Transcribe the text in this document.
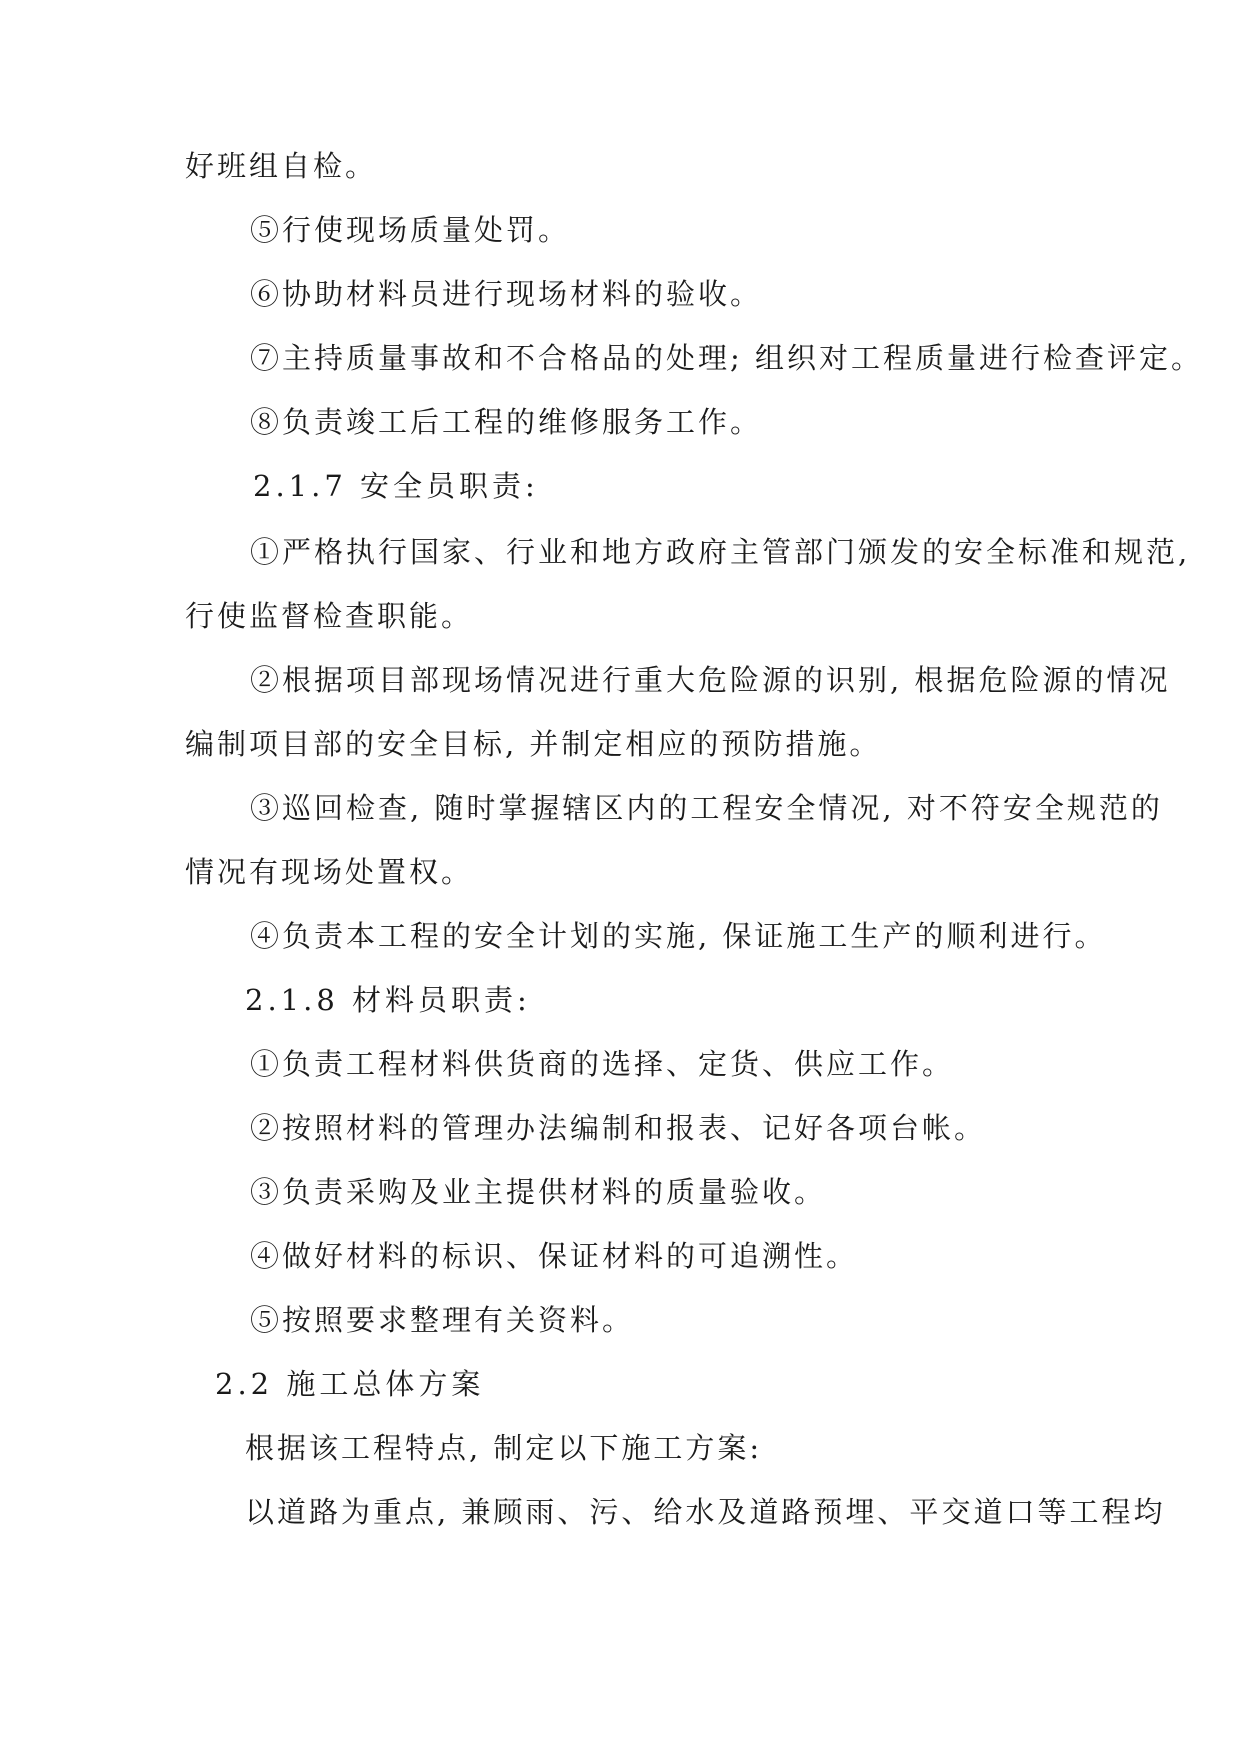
好班组自检。

⑤行使现场质量处罚。

⑥协助材料员进行现场材料的验收。

⑦主持质量事故和不合格品的处理; 组织对工程质量进行检查评定。

⑧负责竣工后工程的维修服务工作。

2.1.7 安全员职责:

①严格执行国家、行业和地方政府主管部门颁发的安全标准和规范,

行使监督检查职能。

②根据项目部现场情况进行重大危险源的识别, 根据危险源的情况

编制项目部的安全目标, 并制定相应的预防措施。

③巡回检查, 随时掌握辖区内的工程安全情况, 对不符安全规范的

情况有现场处置权。

④负责本工程的安全计划的实施, 保证施工生产的顺利进行。

2.1.8 材料员职责:

①负责工程材料供货商的选择、定货、供应工作。

②按照材料的管理办法编制和报表、记好各项台帐。

③负责采购及业主提供材料的质量验收。

④做好材料的标识、保证材料的可追溯性。

⑤按照要求整理有关资料。

2.2 施工总体方案

根据该工程特点, 制定以下施工方案:

以道路为重点, 兼顾雨、污、给水及道路预埋、平交道口等工程均
